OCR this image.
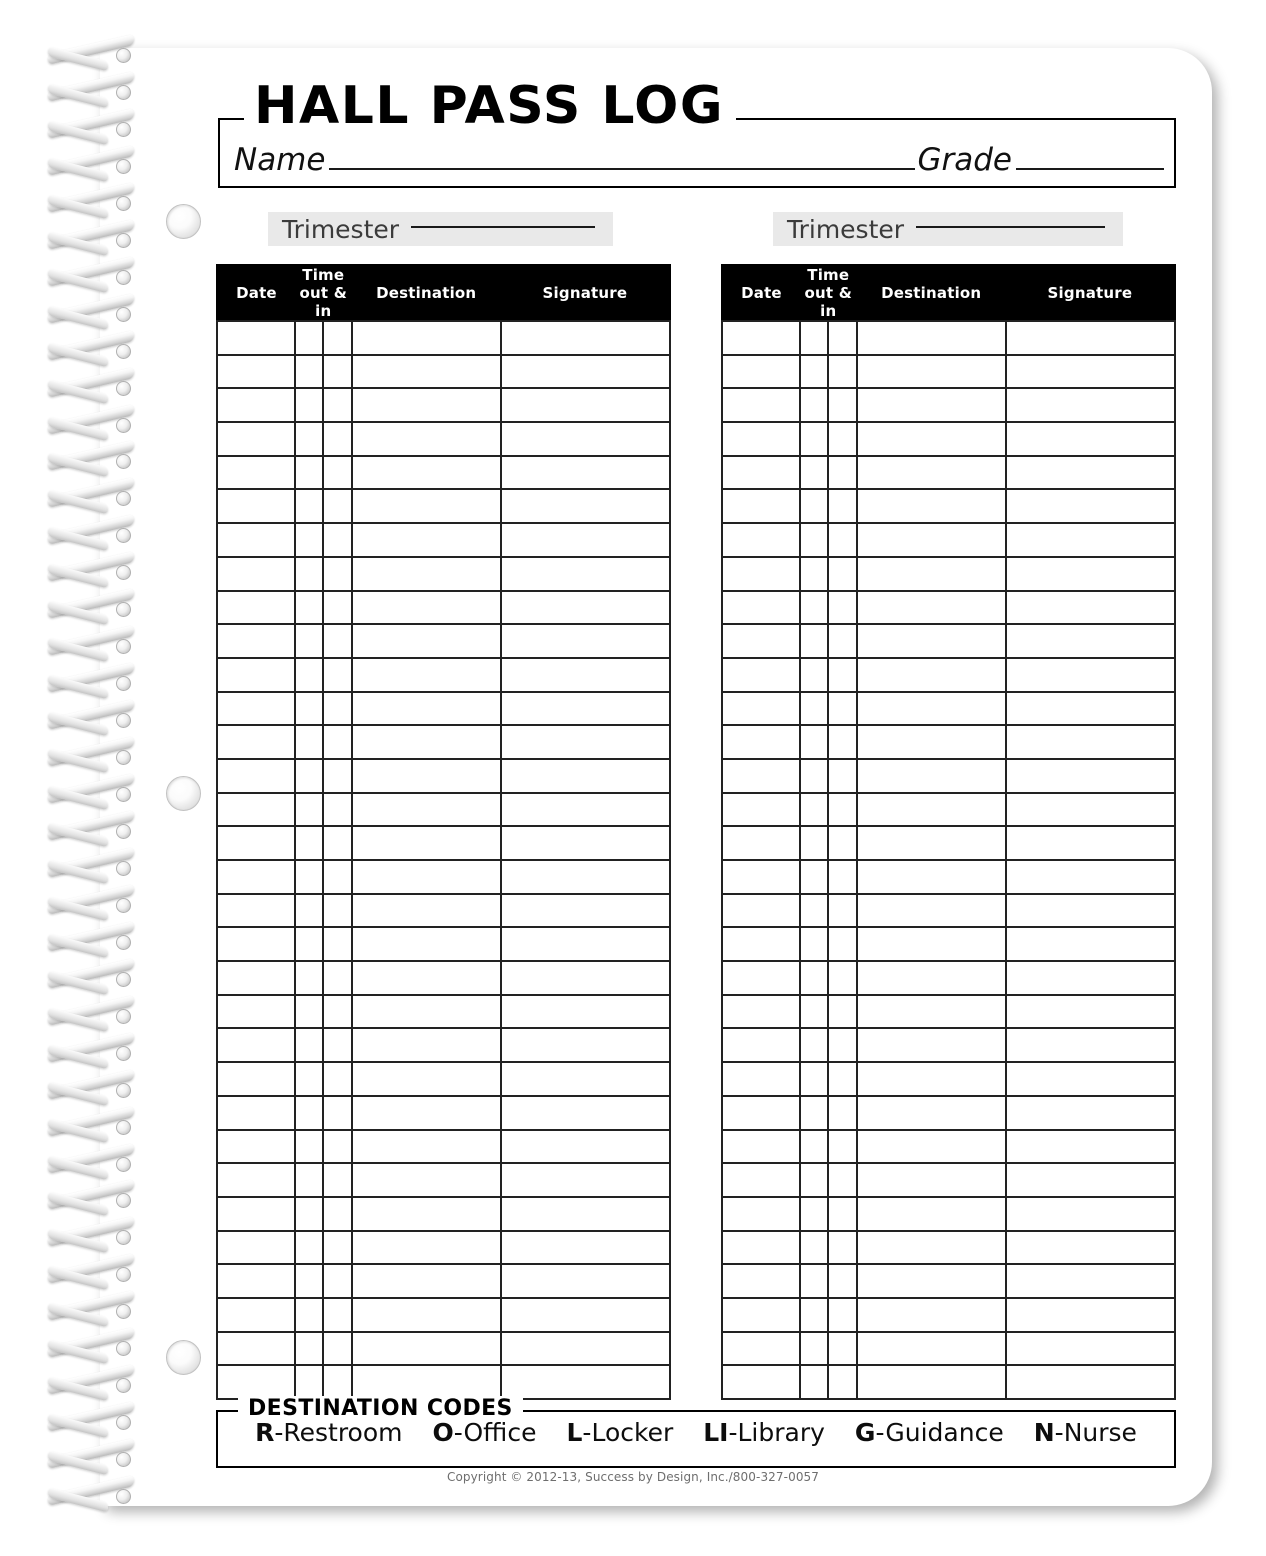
Name	Grade
HALL PASS LOG
Trimester	Trimester
Date	Time out & in		Destination	Signature

					Date	Time out & in		Destination	Signature

DESTINATION CODES
R-Restroom O-Office L-Locker LI-Library G-Guidance N-Nurse
Copyright © 2012-13, Success by Design, Inc./800-327-0057
